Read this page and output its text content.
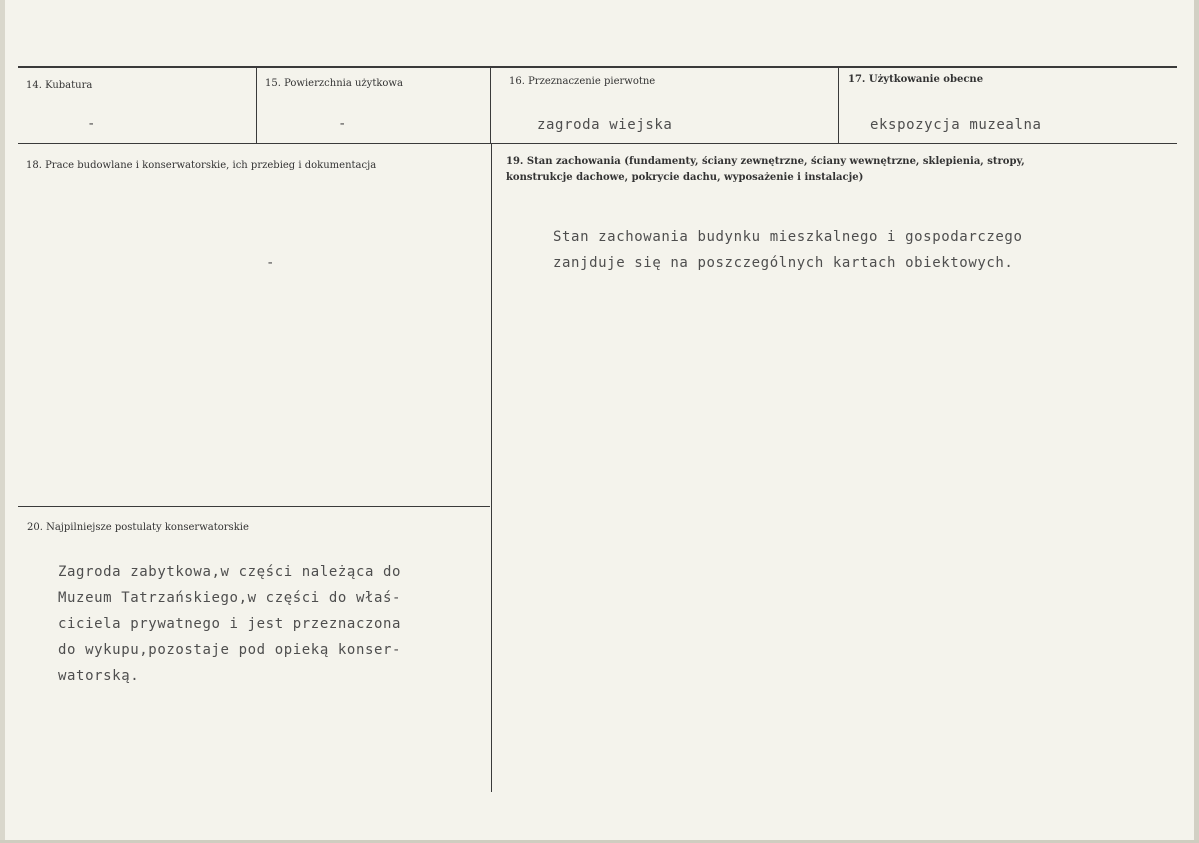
14. Kubatura
-
15. Powierzchnia użytkowa
-
16. Przeznaczenie pierwotne
zagroda wiejska
17. Użytkowanie obecne
ekspozycja muzealna
18. Prace budowlane i konserwatorskie, ich przebieg i dokumentacja
-
19. Stan zachowania (fundamenty, ściany zewnętrzne, ściany wewnętrzne, sklepienia, stropy,
konstrukcje dachowe, pokrycie dachu, wyposażenie i instalacje)
Stan zachowania budynku mieszkalnego i gospodarczego
zanjduje się na poszczególnych kartach obiektowych.
20. Najpilniejsze postulaty konserwatorskie
Zagroda zabytkowa,w części należąca do
Muzeum Tatrzańskiego,w części do właś-
ciciela prywatnego i jest przeznaczona
do wykupu,pozostaje pod opieką konser-
watorską.
